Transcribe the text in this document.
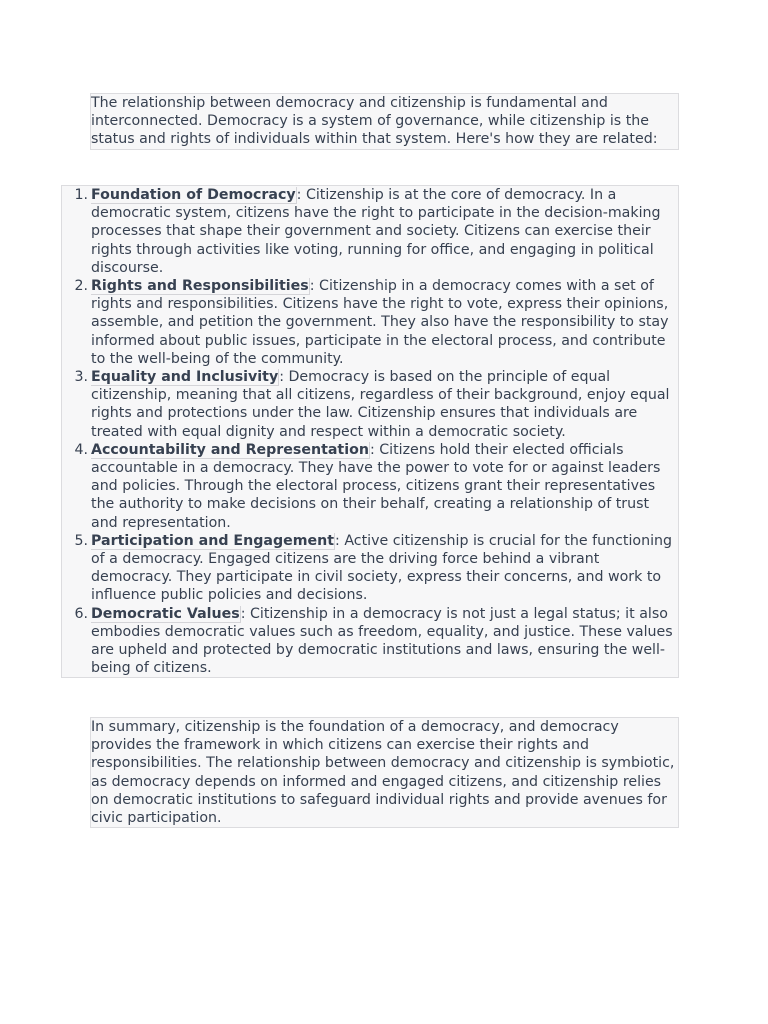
The relationship between democracy and citizenship is fundamental and interconnected. Democracy is a system of governance, while citizenship is the status and rights of individuals within that system. Here's how they are related:

1. Foundation of Democracy: Citizenship is at the core of democracy. In a democratic system, citizens have the right to participate in the decision-making processes that shape their government and society. Citizens can exercise their rights through activities like voting, running for office, and engaging in political discourse.
2. Rights and Responsibilities: Citizenship in a democracy comes with a set of rights and responsibilities. Citizens have the right to vote, express their opinions, assemble, and petition the government. They also have the responsibility to stay informed about public issues, participate in the electoral process, and contribute to the well-being of the community.
3. Equality and Inclusivity: Democracy is based on the principle of equal citizenship, meaning that all citizens, regardless of their background, enjoy equal rights and protections under the law. Citizenship ensures that individuals are treated with equal dignity and respect within a democratic society.
4. Accountability and Representation: Citizens hold their elected officials accountable in a democracy. They have the power to vote for or against leaders and policies. Through the electoral process, citizens grant their representatives the authority to make decisions on their behalf, creating a relationship of trust and representation.
5. Participation and Engagement: Active citizenship is crucial for the functioning of a democracy. Engaged citizens are the driving force behind a vibrant democracy. They participate in civil society, express their concerns, and work to influence public policies and decisions.
6. Democratic Values: Citizenship in a democracy is not just a legal status; it also embodies democratic values such as freedom, equality, and justice. These values are upheld and protected by democratic institutions and laws, ensuring the well-being of citizens.

In summary, citizenship is the foundation of a democracy, and democracy provides the framework in which citizens can exercise their rights and responsibilities. The relationship between democracy and citizenship is symbiotic, as democracy depends on informed and engaged citizens, and citizenship relies on democratic institutions to safeguard individual rights and provide avenues for civic participation.
